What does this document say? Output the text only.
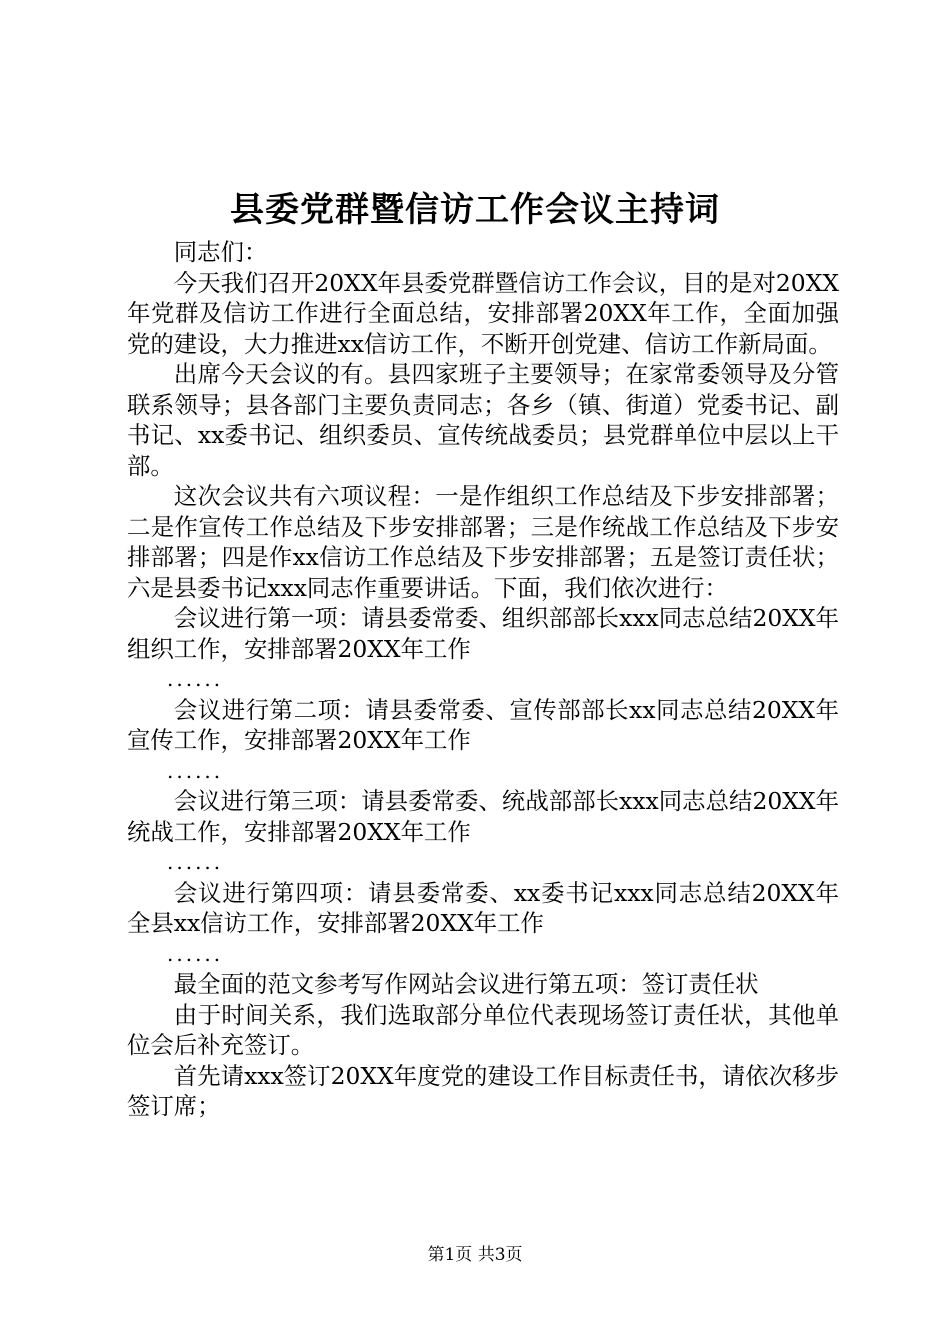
县委党群暨信访工作会议主持词

同志们：

今天我们召开20XX年县委党群暨信访工作会议，目的是对20XX年党群及信访工作进行全面总结，安排部署20XX年工作，全面加强党的建设，大力推进xx信访工作，不断开创党建、信访工作新局面。

出席今天会议的有。县四家班子主要领导；在家常委领导及分管联系领导；县各部门主要负责同志；各乡（镇、街道）党委书记、副书记、xx委书记、组织委员、宣传统战委员；县党群单位中层以上干部。

这次会议共有六项议程：一是作组织工作总结及下步安排部署；二是作宣传工作总结及下步安排部署；三是作统战工作总结及下步安排部署；四是作xx信访工作总结及下步安排部署；五是签订责任状；六是县委书记xxx同志作重要讲话。下面，我们依次进行：

会议进行第一项：请县委常委、组织部部长xxx同志总结20XX年组织工作，安排部署20XX年工作

......

会议进行第二项：请县委常委、宣传部部长xx同志总结20XX年宣传工作，安排部署20XX年工作

......

会议进行第三项：请县委常委、统战部部长xxx同志总结20XX年统战工作，安排部署20XX年工作

......

会议进行第四项：请县委常委、xx委书记xxx同志总结20XX年全县xx信访工作，安排部署20XX年工作

......

最全面的范文参考写作网站会议进行第五项：签订责任状

由于时间关系，我们选取部分单位代表现场签订责任状，其他单位会后补充签订。

首先请xxx签订20XX年度党的建设工作目标责任书，请依次移步签订席；

第1页 共3页
